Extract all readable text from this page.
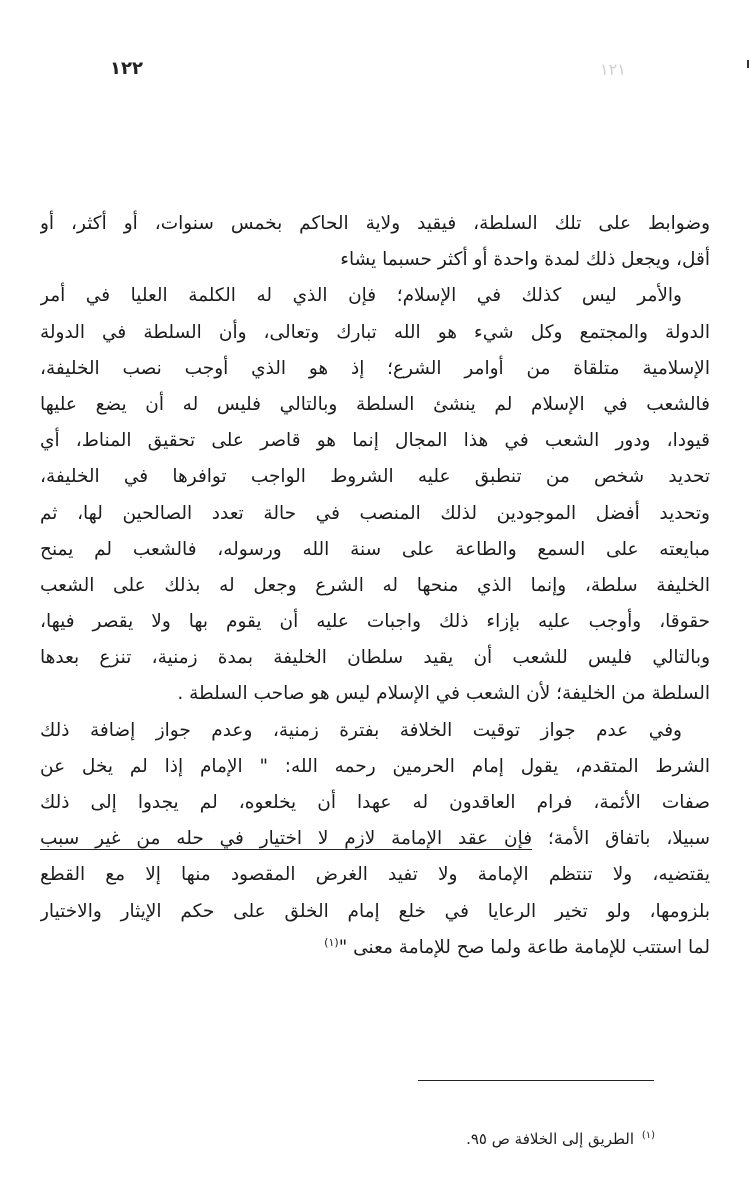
١٢١
١٢٢
وضوابط على تلك السلطة، فيقيد ولاية الحاكم بخمس سنوات، أو أكثر، أو
أقل، ويجعل ذلك لمدة واحدة أو أكثر حسبما يشاء
والأمر ليس كذلك في الإسلام؛ فإن الذي له الكلمة العليا في أمر
الدولة والمجتمع وكل شيء هو الله تبارك وتعالى، وأن السلطة في الدولة
الإسلامية متلقاة من أوامر الشرع؛ إذ هو الذي أوجب نصب الخليفة،
فالشعب في الإسلام لم ينشئ السلطة وبالتالي فليس له أن يضع عليها
قيودا، ودور الشعب في هذا المجال إنما هو قاصر على تحقيق المناط، أي
تحديد شخص من تنطبق عليه الشروط الواجب توافرها في الخليفة،
وتحديد أفضل الموجودين لذلك المنصب في حالة تعدد الصالحين لها، ثم
مبايعته على السمع والطاعة على سنة الله ورسوله، فالشعب لم يمنح
الخليفة سلطة، وإنما الذي منحها له الشرع وجعل له بذلك على الشعب
حقوقا، وأوجب عليه بإزاء ذلك واجبات عليه أن يقوم بها ولا يقصر فيها،
وبالتالي فليس للشعب أن يقيد سلطان الخليفة بمدة زمنية، تنزع بعدها
السلطة من الخليفة؛ لأن الشعب في الإسلام ليس هو صاحب السلطة .
وفي عدم جواز توقيت الخلافة بفترة زمنية، وعدم جواز إضافة ذلك
الشرط المتقدم، يقول إمام الحرمين رحمه الله: " الإمام إذا لم يخل عن
صفات الأئمة، فرام العاقدون له عهدا أن يخلعوه، لم يجدوا إلى ذلك
سبيلا، باتفاق الأمة؛ فإن عقد الإمامة لازم لا اختيار في حله من غير سبب
يقتضيه، ولا تنتظم الإمامة ولا تفيد الغرض المقصود منها إلا مع القطع
بلزومها، ولو تخير الرعايا في خلع إمام الخلق على حكم الإيثار والاختيار
لما استتب للإمامة طاعة ولما صح للإمامة معنى "$^{(١)}$
$^{(١)}$ الطريق إلى الخلافة ص ٩٥.
